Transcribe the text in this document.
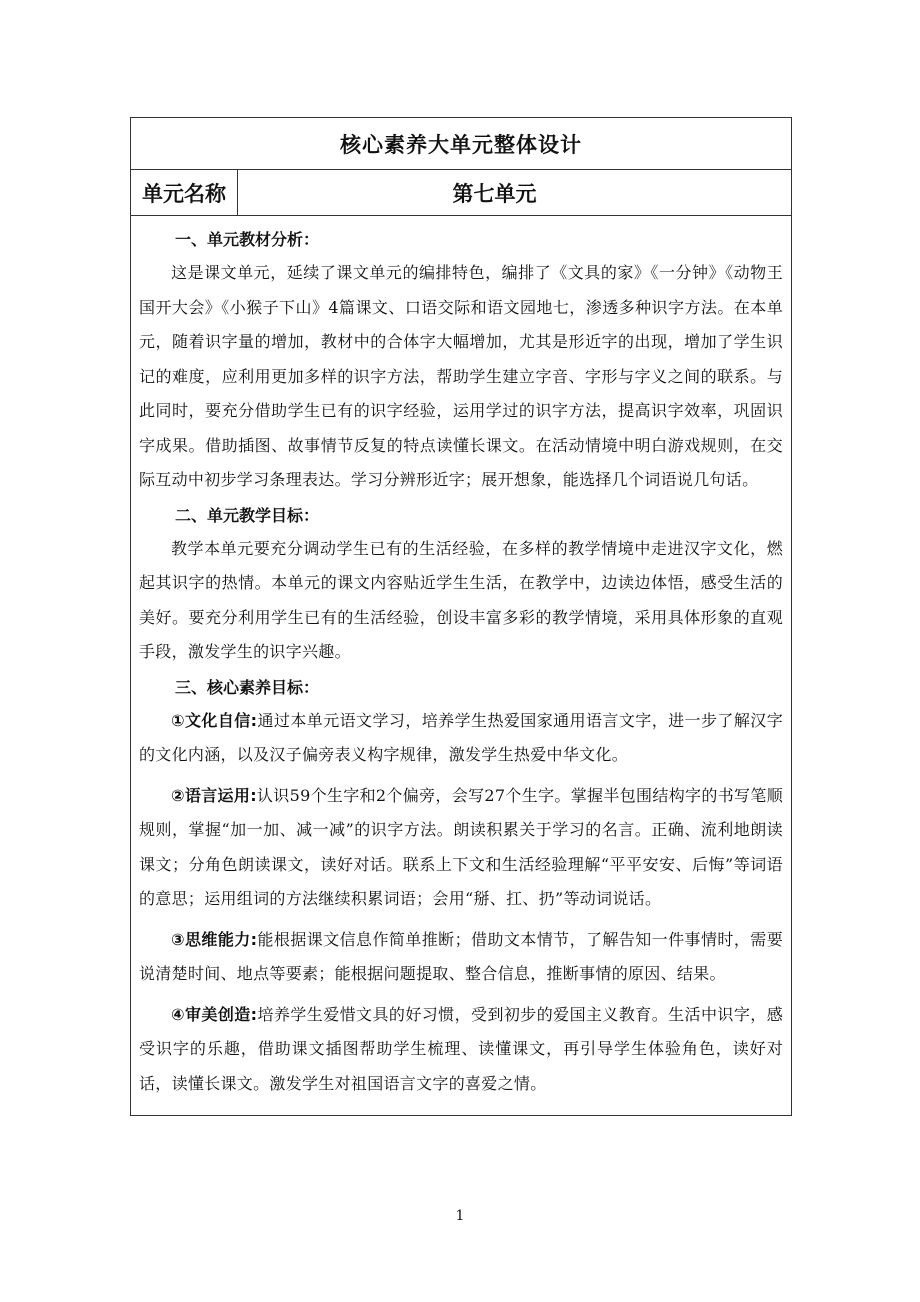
核心素养大单元整体设计
单元名称	第七单元
一、单元教材分析：

这是课文单元，延续了课文单元的编排特色，编排了《文具的家》《一分钟》《动物王国开大会》《小猴子下山》4篇课文、口语交际和语文园地七，渗透多种识字方法。在本单元，随着识字量的增加，教材中的合体字大幅增加，尤其是形近字的出现，增加了学生识记的难度，应利用更加多样的识字方法，帮助学生建立字音、字形与字义之间的联系。与此同时，要充分借助学生已有的识字经验，运用学过的识字方法，提高识字效率，巩固识字成果。借助插图、故事情节反复的特点读懂长课文。在活动情境中明白游戏规则，在交际互动中初步学习条理表达。学习分辨形近字；展开想象，能选择几个词语说几句话。

二、单元教学目标：

教学本单元要充分调动学生已有的生活经验，在多样的教学情境中走进汉字文化，燃起其识字的热情。本单元的课文内容贴近学生生活，在教学中，边读边体悟，感受生活的美好。要充分利用学生已有的生活经验，创设丰富多彩的教学情境，采用具体形象的直观手段，激发学生的识字兴趣。

三、核心素养目标：

①文化自信:通过本单元语文学习，培养学生热爱国家通用语言文字，进一步了解汉字的文化内涵，以及汉子偏旁表义构字规律，激发学生热爱中华文化。

②语言运用:认识59个生字和2个偏旁，会写27个生字。掌握半包围结构字的书写笔顺规则，掌握“加一加、减一减”的识字方法。朗读积累关于学习的名言。正确、流利地朗读课文；分角色朗读课文，读好对话。联系上下文和生活经验理解“平平安安、后悔”等词语的意思；运用组词的方法继续积累词语；会用“掰、扛、扔”等动词说话。

③思维能力:能根据课文信息作简单推断；借助文本情节，了解告知一件事情时，需要说清楚时间、地点等要素；能根据问题提取、整合信息，推断事情的原因、结果。

④审美创造:培养学生爱惜文具的好习惯，受到初步的爱国主义教育。生活中识字，感受识字的乐趣，借助课文插图帮助学生梳理、读懂课文，再引导学生体验角色，读好对话，读懂长课文。激发学生对祖国语言文字的喜爱之情。

1
